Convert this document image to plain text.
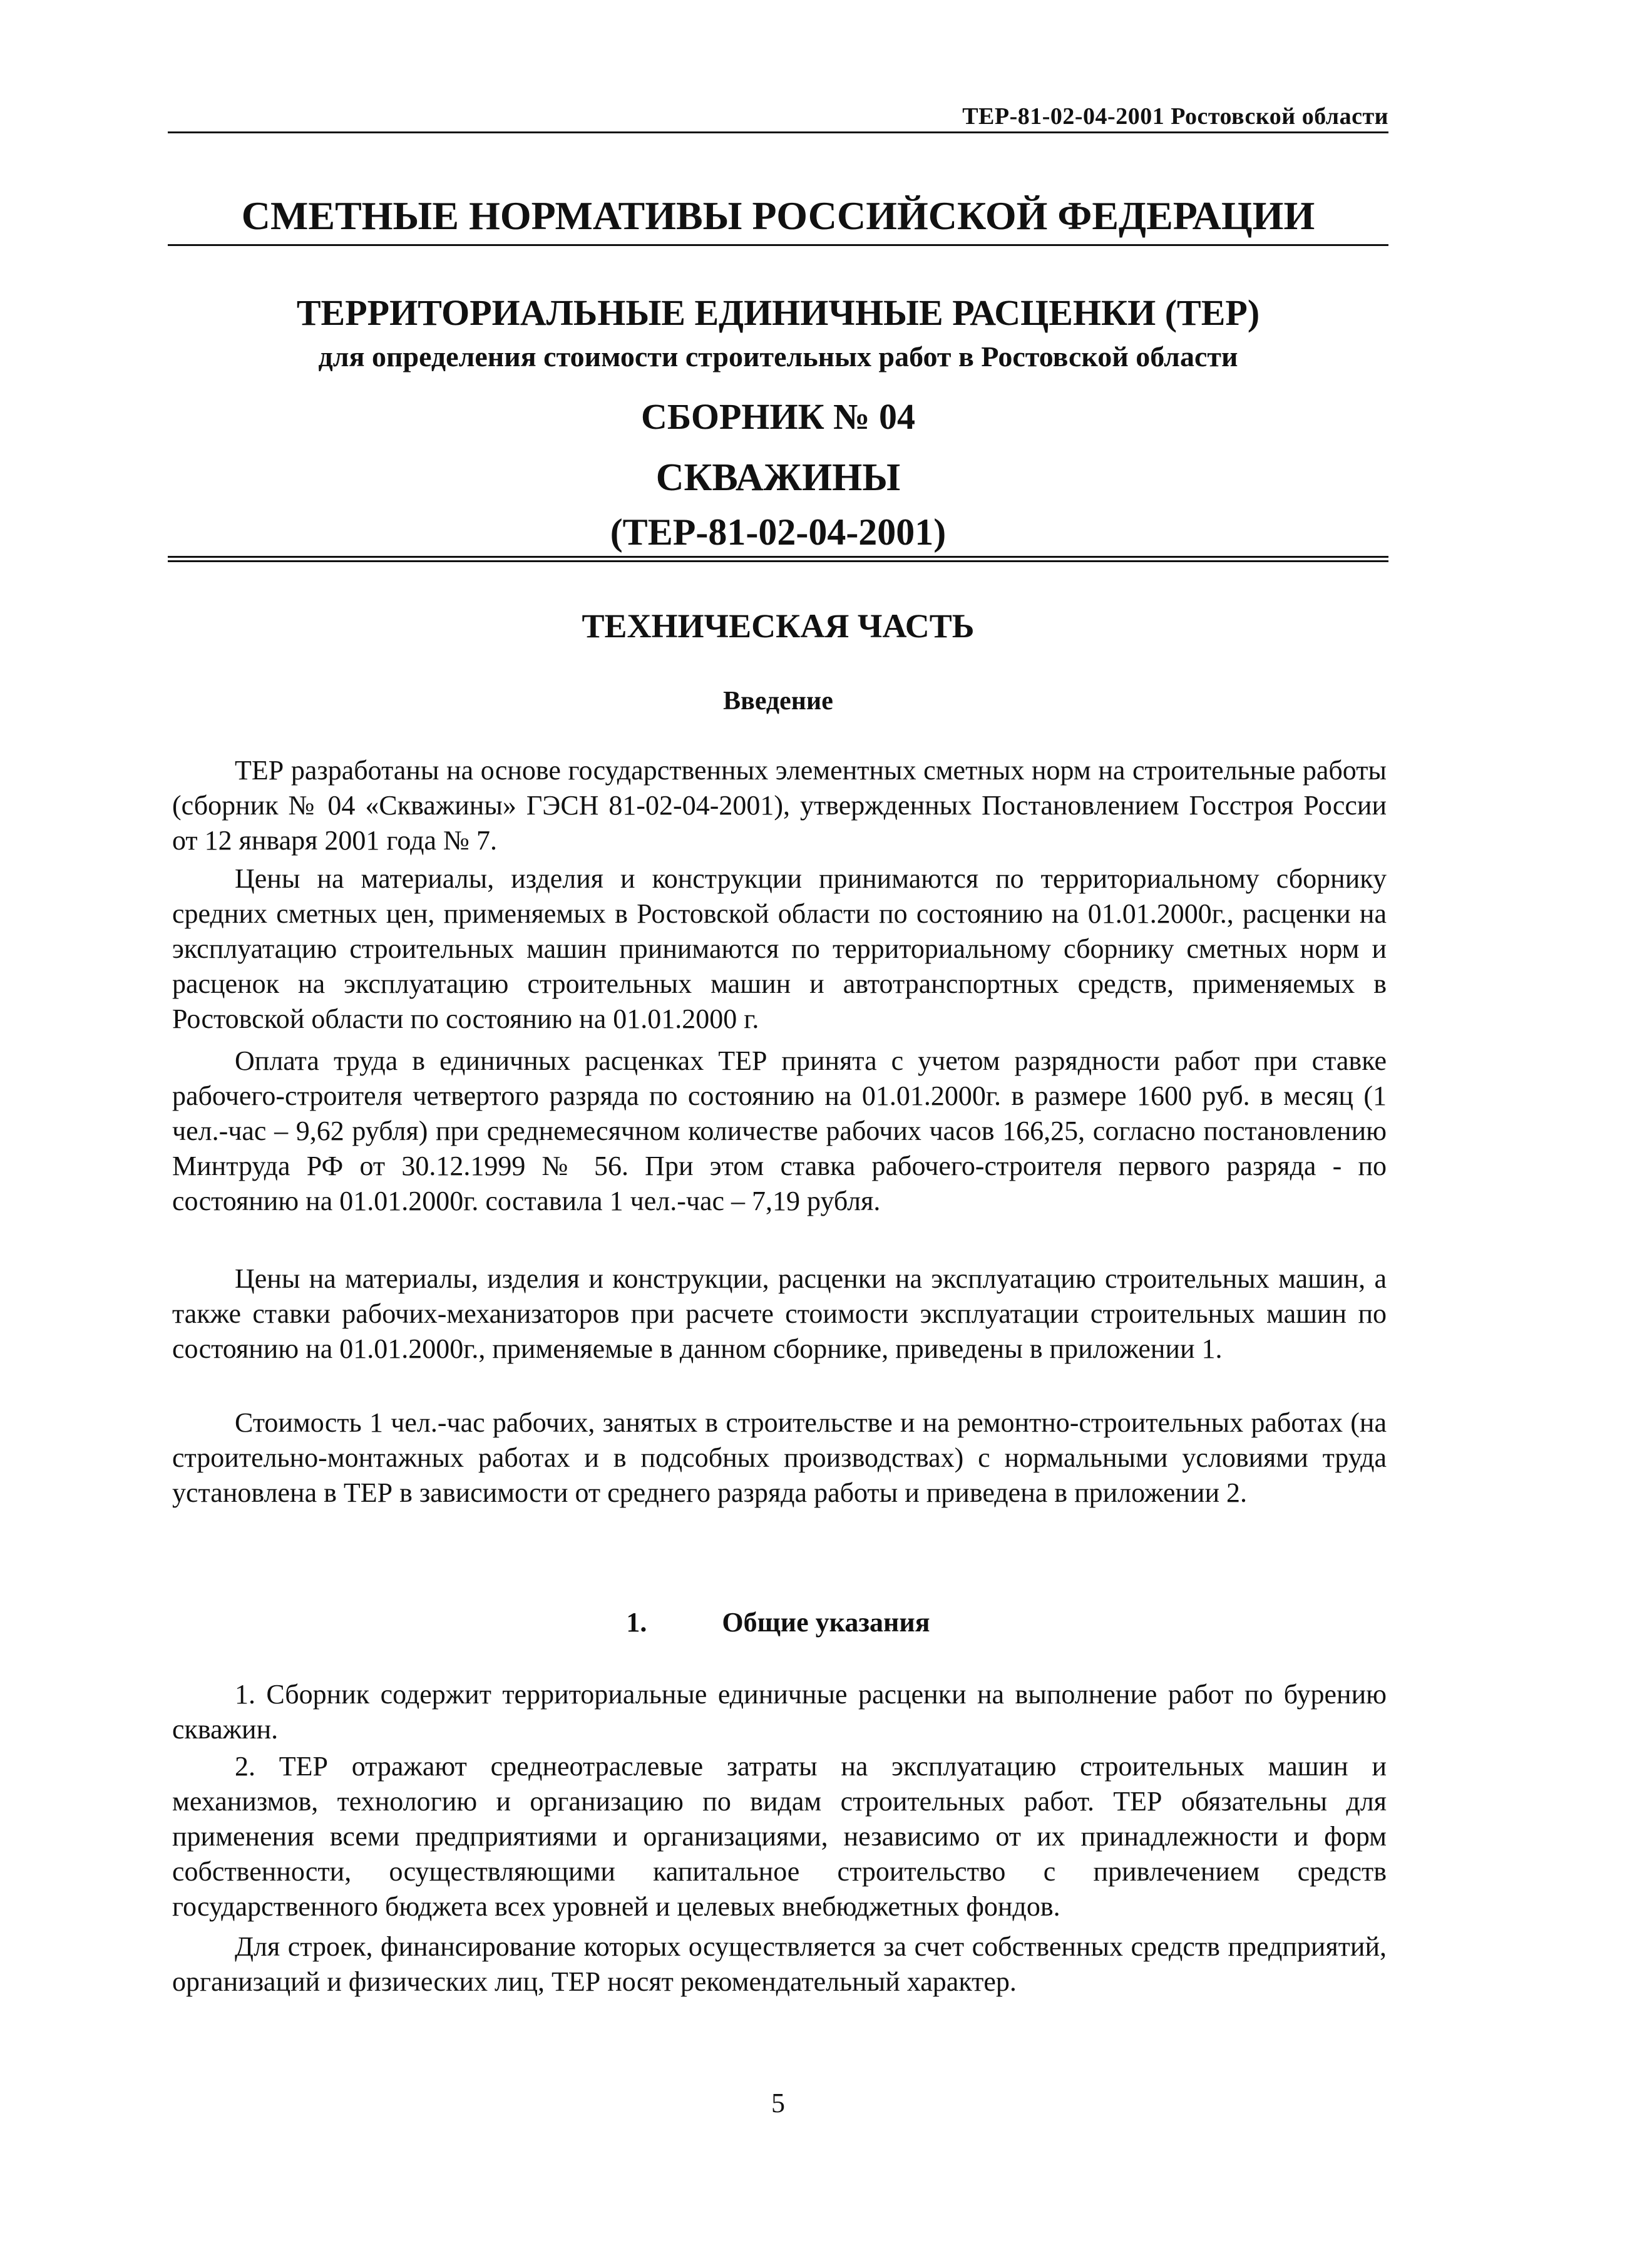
ТЕР-81-02-04-2001 Ростовской области
СМЕТНЫЕ НОРМАТИВЫ РОССИЙСКОЙ ФЕДЕРАЦИИ
ТЕРРИТОРИАЛЬНЫЕ ЕДИНИЧНЫЕ РАСЦЕНКИ (ТЕР)
для определения стоимости строительных работ в Ростовской области
СБОРНИК № 04
СКВАЖИНЫ
(ТЕР-81-02-04-2001)
ТЕХНИЧЕСКАЯ ЧАСТЬ
Введение

ТЕР разработаны на основе государственных элементных сметных норм на строительные работы (сборник № 04 «Скважины» ГЭСН 81-02-04-2001), утвержденных Постановлением Госстроя России от 12 января 2001 года № 7.

Цены на материалы, изделия и конструкции принимаются по территориальному сборнику средних сметных цен, применяемых в Ростовской области по состоянию на 01.01.2000г., расценки на эксплуатацию строительных машин принимаются по территориальному сборнику сметных норм и расценок на эксплуатацию строительных машин и автотранспортных средств, применяемых в Ростовской области по состоянию на 01.01.2000 г.

Оплата труда в единичных расценках ТЕР принята с учетом разрядности работ при ставке рабочего-строителя четвертого разряда по состоянию на 01.01.2000г. в размере 1600 руб. в месяц (1 чел.-час – 9,62 рубля) при среднемесячном количестве рабочих часов 166,25, согласно постановлению Минтруда РФ от 30.12.1999 № 56. При этом ставка рабочего-строителя первого разряда - по состоянию на 01.01.2000г. составила 1 чел.-час – 7,19 рубля.

Цены на материалы, изделия и конструкции, расценки на эксплуатацию строительных машин, а также ставки рабочих-механизаторов при расчете стоимости эксплуатации строительных машин по состоянию на 01.01.2000г., применяемые в данном сборнике, приведены в приложении 1.

Стоимость 1 чел.-час рабочих, занятых в строительстве и на ремонтно-строительных работах (на строительно-монтажных работах и в подсобных производствах) с нормальными условиями труда установлена в ТЕР в зависимости от среднего разряда работы и приведена в приложении 2.

1.	Общие указания

1. Сборник содержит территориальные единичные расценки на выполнение работ по бурению скважин.

2. ТЕР отражают среднеотраслевые затраты на эксплуатацию строительных машин и механизмов, технологию и организацию по видам строительных работ. ТЕР обязательны для применения всеми предприятиями и организациями, независимо от их принадлежности и форм собственности, осуществляющими капитальное строительство с привлечением средств государственного бюджета всех уровней и целевых внебюджетных фондов.

Для строек, финансирование которых осуществляется за счет собственных средств предприятий, организаций и физических лиц, ТЕР носят рекомендательный характер.

5
